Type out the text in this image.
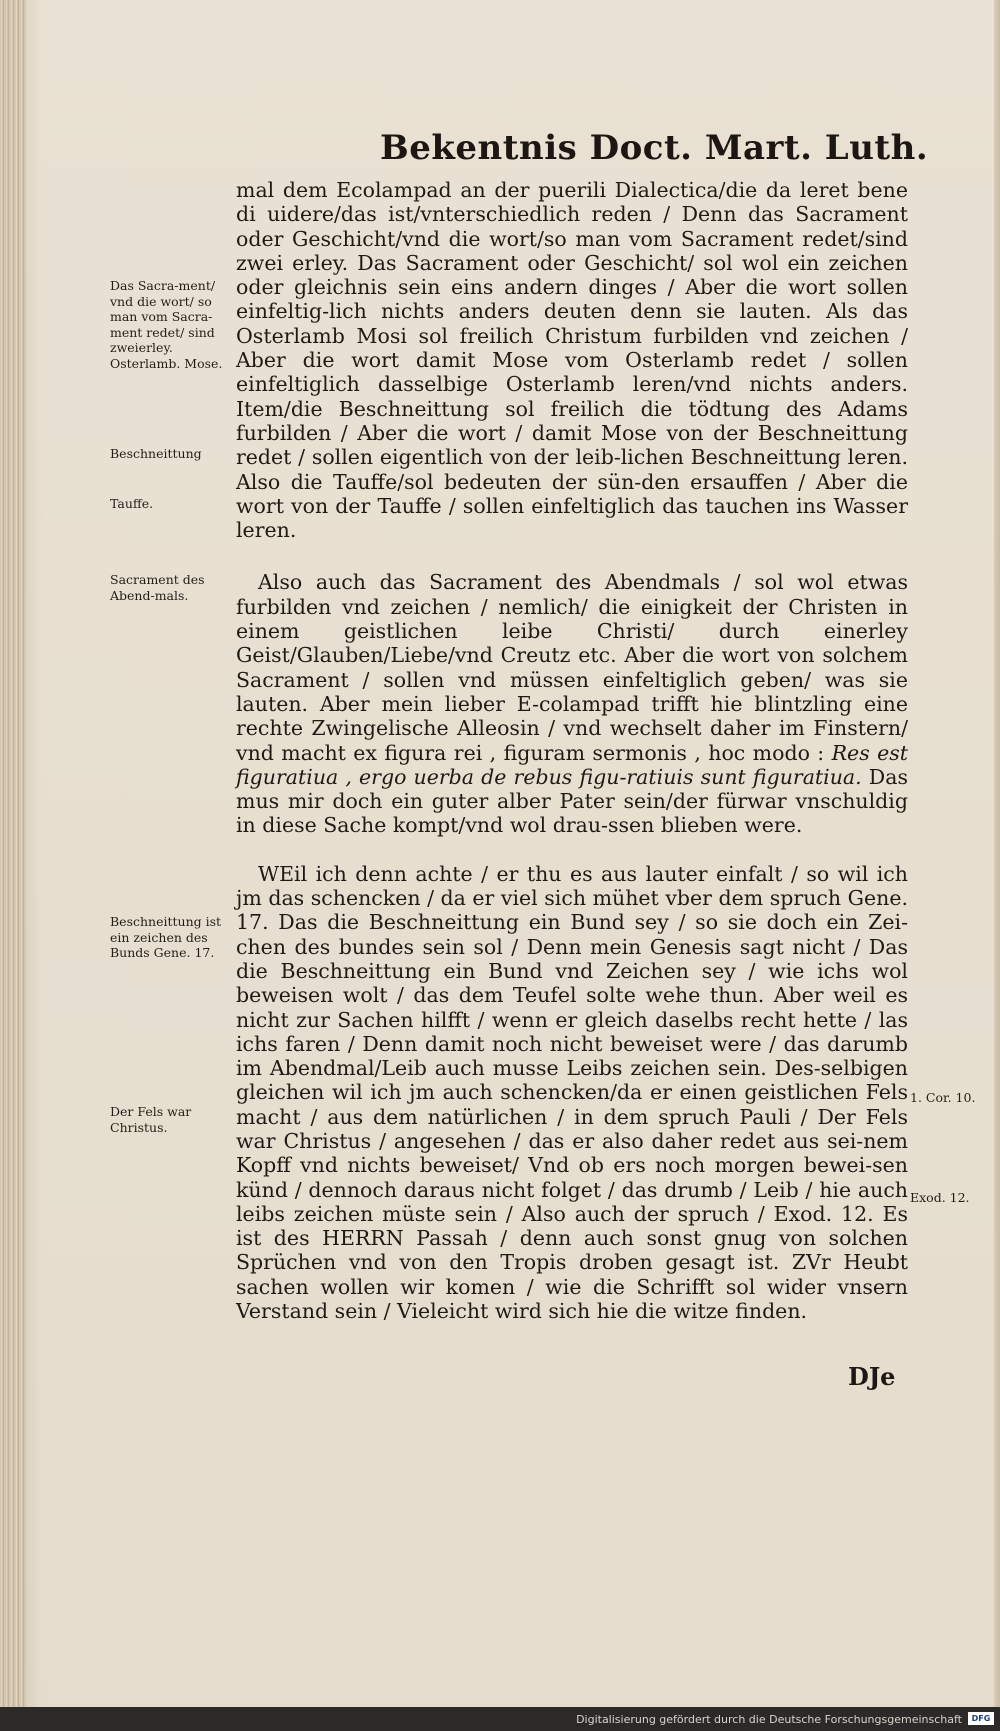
Bekentnis Doct. Mart. Luth.
Das Sacra-ment/ vnd die wort/ so man vom Sacra-ment redet/ sind zweierley. Osterlamb. Mose.
Beschneittung
Tauffe.
Sacrament des Abend-mals.
Beschneittung ist ein zeichen des Bunds Gene. 17.
Der Fels war Christus.
1. Cor. 10.
Exod. 12.

mal dem Ecolampad an der puerili Dialectica/die da leret bene di uidere/das ist/vnterschiedlich reden / Denn das Sacrament oder Geschicht/vnd die wort/so man vom Sacrament redet/sind zwei erley. Das Sacrament oder Geschicht/ sol wol ein zeichen oder gleichnis sein eins andern dinges / Aber die wort sollen einfeltig-lich nichts anders deuten denn sie lauten. Als das Osterlamb Mosi sol freilich Christum furbilden vnd zeichen / Aber die wort damit Mose vom Osterlamb redet / sollen einfeltiglich dasselbige Osterlamb leren/vnd nichts anders. Item/die Beschneittung sol freilich die tödtung des Adams furbilden / Aber die wort / damit Mose von der Beschneittung redet / sollen eigentlich von der leib-lichen Beschneittung leren. Also die Tauffe/sol bedeuten der sün-den ersauffen / Aber die wort von der Tauffe / sollen einfeltiglich das tauchen ins Wasser leren.

Also auch das Sacrament des Abendmals / sol wol etwas furbilden vnd zeichen / nemlich/ die einigkeit der Christen in einem geistlichen leibe Christi/ durch einerley Geist/Glauben/Liebe/vnd Creutz etc. Aber die wort von solchem Sacrament / sollen vnd müssen einfeltiglich geben/ was sie lauten. Aber mein lieber E-colampad trifft hie blintzling eine rechte Zwingelische Alleosin / vnd wechselt daher im Finstern/ vnd macht ex figura rei , figuram sermonis , hoc modo : Res est figuratiua , ergo uerba de rebus figu-ratiuis sunt figuratiua. Das mus mir doch ein guter alber Pater sein/der fürwar vnschuldig in diese Sache kompt/vnd wol drau-ssen blieben were.

WEil ich denn achte / er thu es aus lauter einfalt / so wil ich jm das schencken / da er viel sich mühet vber dem spruch Gene. 17. Das die Beschneittung ein Bund sey / so sie doch ein Zei-chen des bundes sein sol / Denn mein Genesis sagt nicht / Das die Beschneittung ein Bund vnd Zeichen sey / wie ichs wol beweisen wolt / das dem Teufel solte wehe thun. Aber weil es nicht zur Sachen hilfft / wenn er gleich daselbs recht hette / las ichs faren / Denn damit noch nicht beweiset were / das darumb im Abendmal/Leib auch musse Leibs zeichen sein. Des-selbigen gleichen wil ich jm auch schencken/da er einen geistlichen Fels macht / aus dem natürlichen / in dem spruch Pauli / Der Fels war Christus / angesehen / das er also daher redet aus sei-nem Kopff vnd nichts beweiset/ Vnd ob ers noch morgen bewei-sen künd / dennoch daraus nicht folget / das drumb / Leib / hie auch leibs zeichen müste sein / Also auch der spruch / Exod. 12. Es ist des HERRN Passah / denn auch sonst gnug von solchen Sprüchen vnd von den Tropis droben gesagt ist. ZVr Heubt sachen wollen wir komen / wie die Schrifft sol wider vnsern Verstand sein / Vieleicht wird sich hie die witze finden.

DJe
Digitalisierung gefördert durch die Deutsche Forschungsgemeinschaft	DFG
